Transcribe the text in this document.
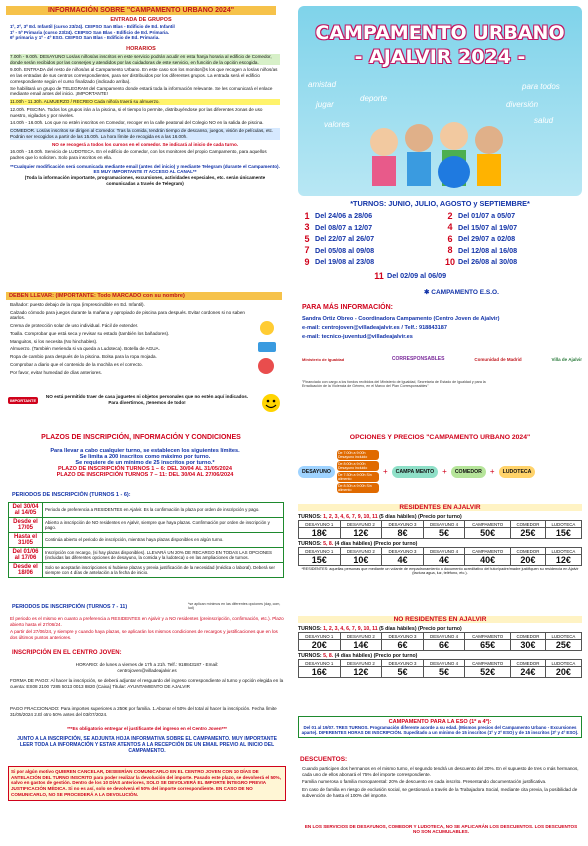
INFORMACIÓN SOBRE "CAMPAMENTO URBANO 2024"
ENTRADA DE GRUPOS
1º, 2º, 3º Ed. Infantil (curso 23/24). CEIPSO San Blas - Edificio de Ed. Infantil
1º - 5º Primaria (curso 23/24). CEIPSO San Blas - Edificio de Ed. Primaria.
6º primaria y 1º - 4º ESO. CEIPSO San Blas - Edificio de Ed. Primaria.
HORARIOS
7.00h - 9.00h. DESAYUNO Los/as niños/as inscritos en este servicio podrán acudir en esta franja horaria al edificio de Comedor, donde serán recibidos por las conserjes y atendidos por las cuidadoras de este servicio, en función de la opción escogida.
9.00h. ENTRADA del resto de niños/as al Campamento Urbano. En este caso son los monitor@s los que recogen a los/as niños/as en las entradas de sus centros correspondientes, para ser distribuidos por los diferentes grupos. La entrada será el edificio correspondiente según el curso finalizado (indicado arriba).
Se habilitará un grupo de TELEGRAM del Campamento donde estará toda la información relevante. Se les comunicará el enlace mediante email antes del inicio. ¡IMPORTANTE!
11.00h - 11.30h. ALMUERZO / RECREO Cada niño/a traerá su almuerzo.
12.00h. PISCINA. Todos los grupos irán a la piscina, si el tiempo lo permite, distribuyéndose por las diferentes zonas de uso nuestro, vigilados y por niveles.
14.00h - 16.00h. Los que no estén inscritos en Comedor, recoger en la calle peatonal del Colegio NO en la salida de piscina.
COMEDOR. Los/as inscritos se dirigen al Comedor. Tras la comida, tendrán tiempo de descanso, juegos, visión de películas, etc. Podrán ser recogidos a partir de las 15.00h. La hora límite de recogida es a las 16.00h.
NO se recogerá a todos los cursos en el comedor. Se indicará al inicio de cada turno.
16.00h - 18.00h. Servicio de LUDOTECA. En el edificio de comedor, con los monitores del propio Campamento, para aquellos padres que lo soliciten. Solo para inscritos en ella.
**Cualquier modificación será comunicada mediante email (antes del inicio) y mediante Telegram (durante el Campamento). ES MUY IMPORTANTE IT ACCESO AL CANAL**
(Toda la información importante, programaciones, excursiones, actividades especiales, etc. serán únicamente comunicadas a través de Telegram)
DEBEN LLEVAR: (IMPORTANTE: Todo MARCADO con su nombre)
Bañador: puesto debajo de la ropa (imprescindible en Ed. Infantil).
Calzado cómodo para juegos durante la mañana y apropiado de piscina para después. Evitar cordones si no saben atarlos.
Crema de protección solar de uso individual. Fácil de extender.
Toalla. Comprobar que está seca y revisar su estado (también los bañadores).
Manguitos, si los necesita (No hinchables).
Almuerzo. (También merienda si va queda a Ludoteca). Botella de AGUA.
Ropa de cambio para después de la piscina. Bolsa para la ropa mojada.
Comprobar a diario que el contenido de la mochila es el correcto.
Por favor, evitar humedad de días anteriores.
IMPORTANTE
NO está permitido traer de casa juguetes ni objetos personales que no estén aquí indicados. Para divertirnos, ¡tenemos de todo!
CAMPAMENTO URBANO
- AJALVIR 2024 -
amistad	para todos
jugar
deporte
diversión
valores	salud
*TURNOS: JUNIO, JULIO, AGOSTO y SEPTIEMBRE*
1 Del 24/06 a 28/06	2 Del 01/07 a 05/07
3 Del 08/07 a 12/07	4 Del 15/07 al 19/07
5 Del 22/07 al 26/07	6 Del 29/07 a 02/08
7 Del 05/08 al 09/08	8 Del 12/08 al 16/08
9 Del 19/08 al 23/08	10 Del 26/08 al 30/08
11 Del 02/09 al 06/09
✱ CAMPAMENTO E.S.O.
PARA MÁS INFORMACIÓN:
Sandra Ortiz Obreo - Coordinadora Campamento (Centro Joven de Ajalvir)
e-mail: centrojoven@villadeajalvir.es / Telf.: 918843187
e-mail: tecnico-juventud@villadeajalvir.es
Ministerio de Igualdad	CORRESPONSABLES	Comunidad de Madrid	Villa de Ajalvir
"Financiado con cargo a los fondos recibidos del Ministerio de Igualdad, Secretaría de Estado de Igualdad y para la Erradicación de la Violencia de Género, en el Marco del Plan Corresponsables"
PLAZOS DE INSCRIPCIÓN, INFORMACIÓN Y CONDICIONES
Para llevar a cabo cualquier turno, se establecen los siguientes límites.
Se limita a 200 inscritos como máximo por turno.
Se requiere de un mínimo de 25 inscritos por turno.*
PLAZO DE INSCRIPCIÓN TURNOS 1 – 6: DEL 30/04 AL 31/05/2024
PLAZO DE INSCRIPCIÓN TURNOS 7 – 11: DEL 30/04 AL 27/06/2024
PERIODOS DE INSCRIPCIÓN (TURNOS 1 - 6):
Del 30/04 al 14/05	Periodo de preferencia a RESIDENTES en Ajalvir. Es la confirmación la plaza por orden de inscripción y pago.
Desde el 17/05	Abierto a inscripción de NO residentes en Ajalvir, siempre que haya plazas. Confirmación por orden de inscripción y pago.
Hasta el 31/05	Continúa abierto el periodo de inscripción, mientras haya plazas disponibles en algún turno.
Del 01/06 al 17/06	Inscripción con recargo, (si hay plazas disponibles). LLEVARÁ UN 20% DE RECARGO EN TODAS LAS OPCIONES (incluidas las diferentes opciones de desayuno, la comida y la ludoteca) o en las ampliaciones de turnos.
Desde el 18/06	Solo se aceptarán inscripciones si hubiese plazas y previa justificación de la necesidad (médica o laboral). Deberá ser siempre con 4 días de antelación a la fecha de inicio.
PERIODOS DE INSCRIPCIÓN (TURNOS 7 - 11)	*se aplican mínimos en las diferentes opciones (day, com, lud)
El periodo es el mismo en cuanto a preferencia a RESIDENTES en Ajalvir y a NO residentes (preinscripción, confirmación, etc.). Plazo abierto hasta el 27/06/24.
A partir del 27/06/24, y siempre y cuando haya plazas, se aplicarán los mismos condiciones de recargos y justificaciones que en los dos últimos puntos anteriores.
INSCRIPCIÓN EN EL CENTRO JOVEN:
HORARIO: de lunes a viernes de 17h a 21h. Telf.: 918843187 - Email: centrojoven@villadeajalvir.es
FORMA DE PAGO: Al hacer la inscripción, se deberá adjuntar el resguardo del ingreso correspondiente al turno y opción elegida en la cuenta: ES08 2100 7285 5013 0013 8820 (Caixa) Titular: AYUNTAMIENTO DE AJALVIR
PAGO FRACCIONADO: Para importes superiores a 250€ por familia. 1.Abonar el 50% del total al hacer la inscripción. Fecha límite 31/05/2024 2.El otro 50% antes del 03/07/2024.
***Es obligatorio entregar el justificante del ingreso en el Centro Joven***
JUNTO A LA INSCRIPCIÓN, SE ADJUNTA HOJA INFORMATIVA SOBRE EL CAMPAMENTO. MUY IMPORTANTE LEER TODA LA INFORMACIÓN Y ESTAR ATENTOS A LA RECEPCIÓN DE UN EMAIL PREVIO AL INICIO DEL CAMPAMENTO.
Si por algún motivo QUIEREN CANCELAR, DESEERÍAN COMUNICARLO EN EL CENTRO JOVEN CON 10 DÍAS DE ANTELACIÓN DEL TURNO INSCRITO para poder realizar la devolución del importe. Pasado este plazo, se devolverá el 50%, salvo en gastos de gestión. Dentro de los 10 DÍAS anteriores, SOLO SE DEVOLVERÁ EL IMPORTE ÍNTEGRO PREVIA JUSTIFICACIÓN MÉDICA. Si no es así, solo se devolverá el 50% del importe correspondiente. EN CASO DE NO COMUNICARLO, NO SE PROCEDERÁ A LA DEVOLUCIÓN.
OPCIONES Y PRECIOS "CAMPAMENTO URBANO 2024"
DESAYUNO
De 7:00h a 9:00h Desayuno incluido
De 8:00h a 9:00h Desayuno incluido
De 7:30h a 9:00h Sin alimento
De 8:30h a 9:00h Sin alimento
+	CAMPA MENTO	+	COMEDOR	+	LUDOTECA
RESIDENTES EN AJALVIR
TURNOS: 1, 2, 3, 4, 6, 7, 9, 10, 11 (5 días hábiles) (Precio por turno)
DESAYUNO 1	DESAYUNO 2	DESAYUNO 3	DESAYUNO 4	CAMPAMENTO	COMEDOR	LUDOTECA
18€	12€	8€	5€	50€	25€	15€
TURNOS: 5, 8. (4 días hábiles) (Precio por turno)
DESAYUNO 1	DESAYUNO 2	DESAYUNO 3	DESAYUNO 4	CAMPAMENTO	COMEDOR	LUDOTECA
15€	10€	4€	4€	40€	20€	12€
*RESIDENTES: aquellas personas que mediante un volante de empadronamiento o documento acreditativo del tutor/padre/madre justifiquen su residencia en Ajalvir (factura agua, luz, teléfono, etc.).
NO RESIDENTES EN AJALVIR
TURNOS: 1, 2, 3, 4, 6, 7, 9, 10, 11 (5 días hábiles) (Precio por turno)
DESAYUNO 1	DESAYUNO 2	DESAYUNO 3	DESAYUNO 4	CAMPAMENTO	COMEDOR	LUDOTECA
20€	14€	6€	6€	65€	30€	25€
TURNOS: 5, 8. (4 días hábiles) (Precio por turno)
DESAYUNO 1	DESAYUNO 2	DESAYUNO 3	DESAYUNO 4	CAMPAMENTO	COMEDOR	LUDOTECA
16€	12€	5€	5€	52€	24€	20€
CAMPAMENTO PARA LA ESO (1º a 4º):
Del 01 al 19/07. TRES TURNOS. Programación diferente acorde a su edad. (Mismos precios del Campamento Urbano - Excursiones aparte). DIFERENTES HORAS DE INSCRIPCIÓN. Supeditado a un mínimo de 15 inscritos (1º y 2º ESO) y de 15 inscritos (3º y 4º ESO).
DESCUENTOS:
Cuando participen dos hermanos en el mismo turno, el segundo tendrá un descuento del 20%. En el supuesto de tres o más hermanos, cada uno de ellos abonará el 75% del importe correspondiente.
Familia numerosa o familia monoparental: 20% de descuento en cada inscrito. Presentando documentación justificativa.
En caso de familia en riesgo de exclusión social, se gestionará a través de la Trabajadora Social, mediante cita previa, la posibilidad de subvención de hasta el 100% del importe.
EN LOS SERVICIOS DE DESAYUNOS, COMEDOR Y LUDOTECA, NO SE APLICARÁN LOS DESCUENTOS. LOS DESCUENTOS NO SON ACUMULABLES.
